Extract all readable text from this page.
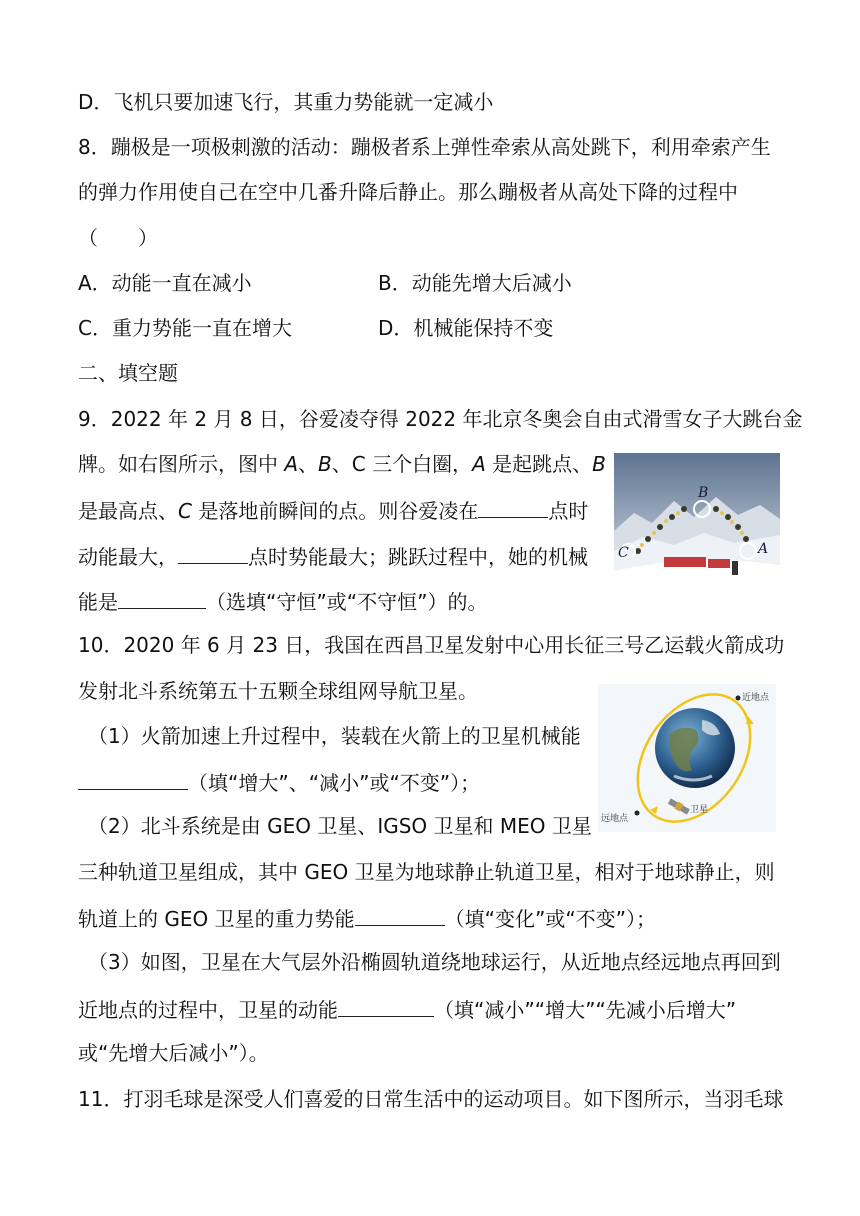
D．飞机只要加速飞行，其重力势能就一定减小
8．蹦极是一项极刺激的活动：蹦极者系上弹性牵索从高处跳下，利用牵索产生
的弹力作用使自己在空中几番升降后静止。那么蹦极者从高处下降的过程中
（　　）
A．动能一直在减小	B．动能先增大后减小
C．重力势能一直在增大	D．机械能保持不变
二、填空题
9．2022 年 2 月 8 日，谷爱凌夺得 2022 年北京冬奥会自由式滑雪女子大跳台金
牌。如右图所示，图中 A、B、C 三个白圈，A 是起跳点、B
是最高点、C 是落地前瞬间的点。则谷爱凌在	点时
动能最大，	点时势能最大；跳跃过程中，她的机械
能是	（选填“守恒”或“不守恒”）的。
B
C	A
10．2020 年 6 月 23 日，我国在西昌卫星发射中心用长征三号乙运载火箭成功
发射北斗系统第五十五颗全球组网导航卫星。
（1）火箭加速上升过程中，装载在火箭上的卫星机械能
（填“增大”、“减小”或“不变”）；
近地点
远地点
卫星
（2）北斗系统是由 GEO 卫星、IGSO 卫星和 MEO 卫星
三种轨道卫星组成，其中 GEO 卫星为地球静止轨道卫星，相对于地球静止，则
轨道上的 GEO 卫星的重力势能	（填“变化”或“不变”）；
（3）如图，卫星在大气层外沿椭圆轨道绕地球运行，从近地点经远地点再回到
近地点的过程中，卫星的动能	（填“减小”“增大”“先减小后增大”
或“先增大后减小”）。
11．打羽毛球是深受人们喜爱的日常生活中的运动项目。如下图所示，当羽毛球
